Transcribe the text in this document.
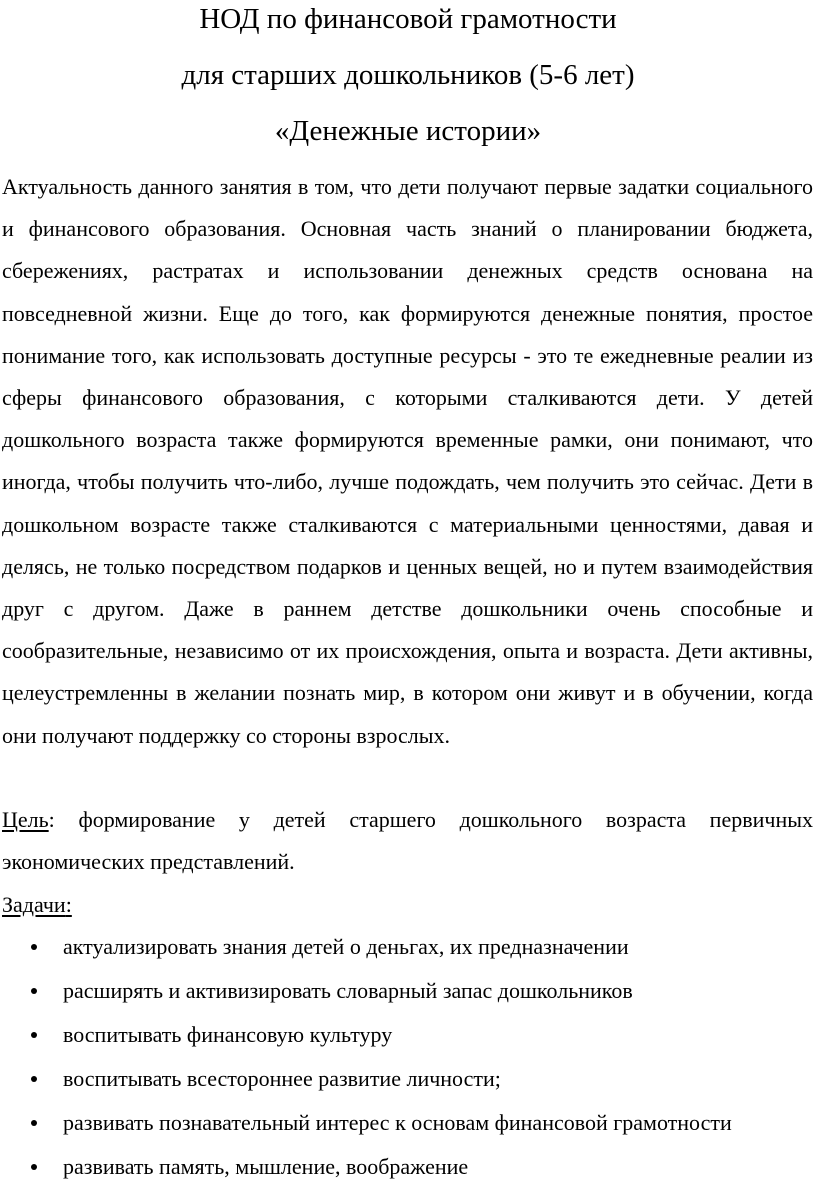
НОД по финансовой грамотности
для старших дошкольников (5-6 лет)
«Денежные истории»

Актуальность данного занятия в том, что дети получают первые задатки социального и финансового образования. Основная часть знаний о планировании бюджета, сбережениях, растратах и использовании денежных средств основана на повседневной жизни. Еще до того, как формируются денежные понятия, простое понимание того, как использовать доступные ресурсы - это те ежедневные реалии из сферы финансового образования, с которыми сталкиваются дети. У детей дошкольного возраста также формируются временные рамки, они понимают, что иногда, чтобы получить что-либо, лучше подождать, чем получить это сейчас. Дети в дошкольном возрасте также сталкиваются с материальными ценностями, давая и делясь, не только посредством подарков и ценных вещей, но и путем взаимодействия друг с другом. Даже в раннем детстве дошкольники очень способные и сообразительные, независимо от их происхождения, опыта и возраста. Дети активны, целеустремленны в желании познать мир, в котором они живут и в обучении, когда они получают поддержку со стороны взрослых.

Цель: формирование у детей старшего дошкольного возраста первичных экономических представлений.

Задачи:

актуализировать знания детей о деньгах, их предназначении
расширять и активизировать словарный запас дошкольников
воспитывать финансовую культуру
воспитывать всестороннее развитие личности;
развивать познавательный интерес к основам финансовой грамотности
развивать память, мышление, воображение
